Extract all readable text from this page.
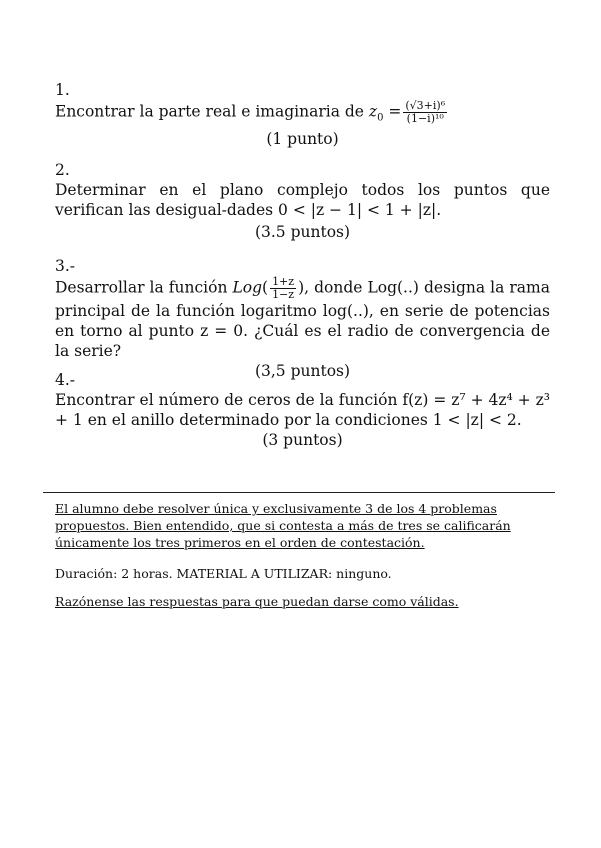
1.
Encontrar la parte real e imaginaria de $z_0 = \frac{\text{(√3+i)⁶}}{\text{(1−i)¹⁰}}$
(1 punto)
2.
Determinar en el plano complejo todos los puntos que verifican las desigual-dades 0 < |z − 1| < 1 + |z|.
(3.5 puntos)
3.-
Desarrollar la función $Log( \frac{1+z}{1-z}$ ), donde Log(..) designa la rama principal de la función logaritmo log(..), en serie de potencias en torno al punto z = 0. ¿Cuál es el radio de convergencia de la serie?
(3,5 puntos)
4.-
Encontrar el número de ceros de la función f(z) = z⁷ + 4z⁴ + z³ + 1 en el anillo determinado por la condiciones 1 < |z| < 2.
(3 puntos)
El alumno debe resolver única y exclusivamente 3 de los 4 problemas propuestos. Bien entendido, que si contesta a más de tres se calificarán únicamente los tres primeros en el orden de contestación.
Duración: 2 horas. MATERIAL A UTILIZAR: ninguno.
Razónense las respuestas para que puedan darse como válidas.
